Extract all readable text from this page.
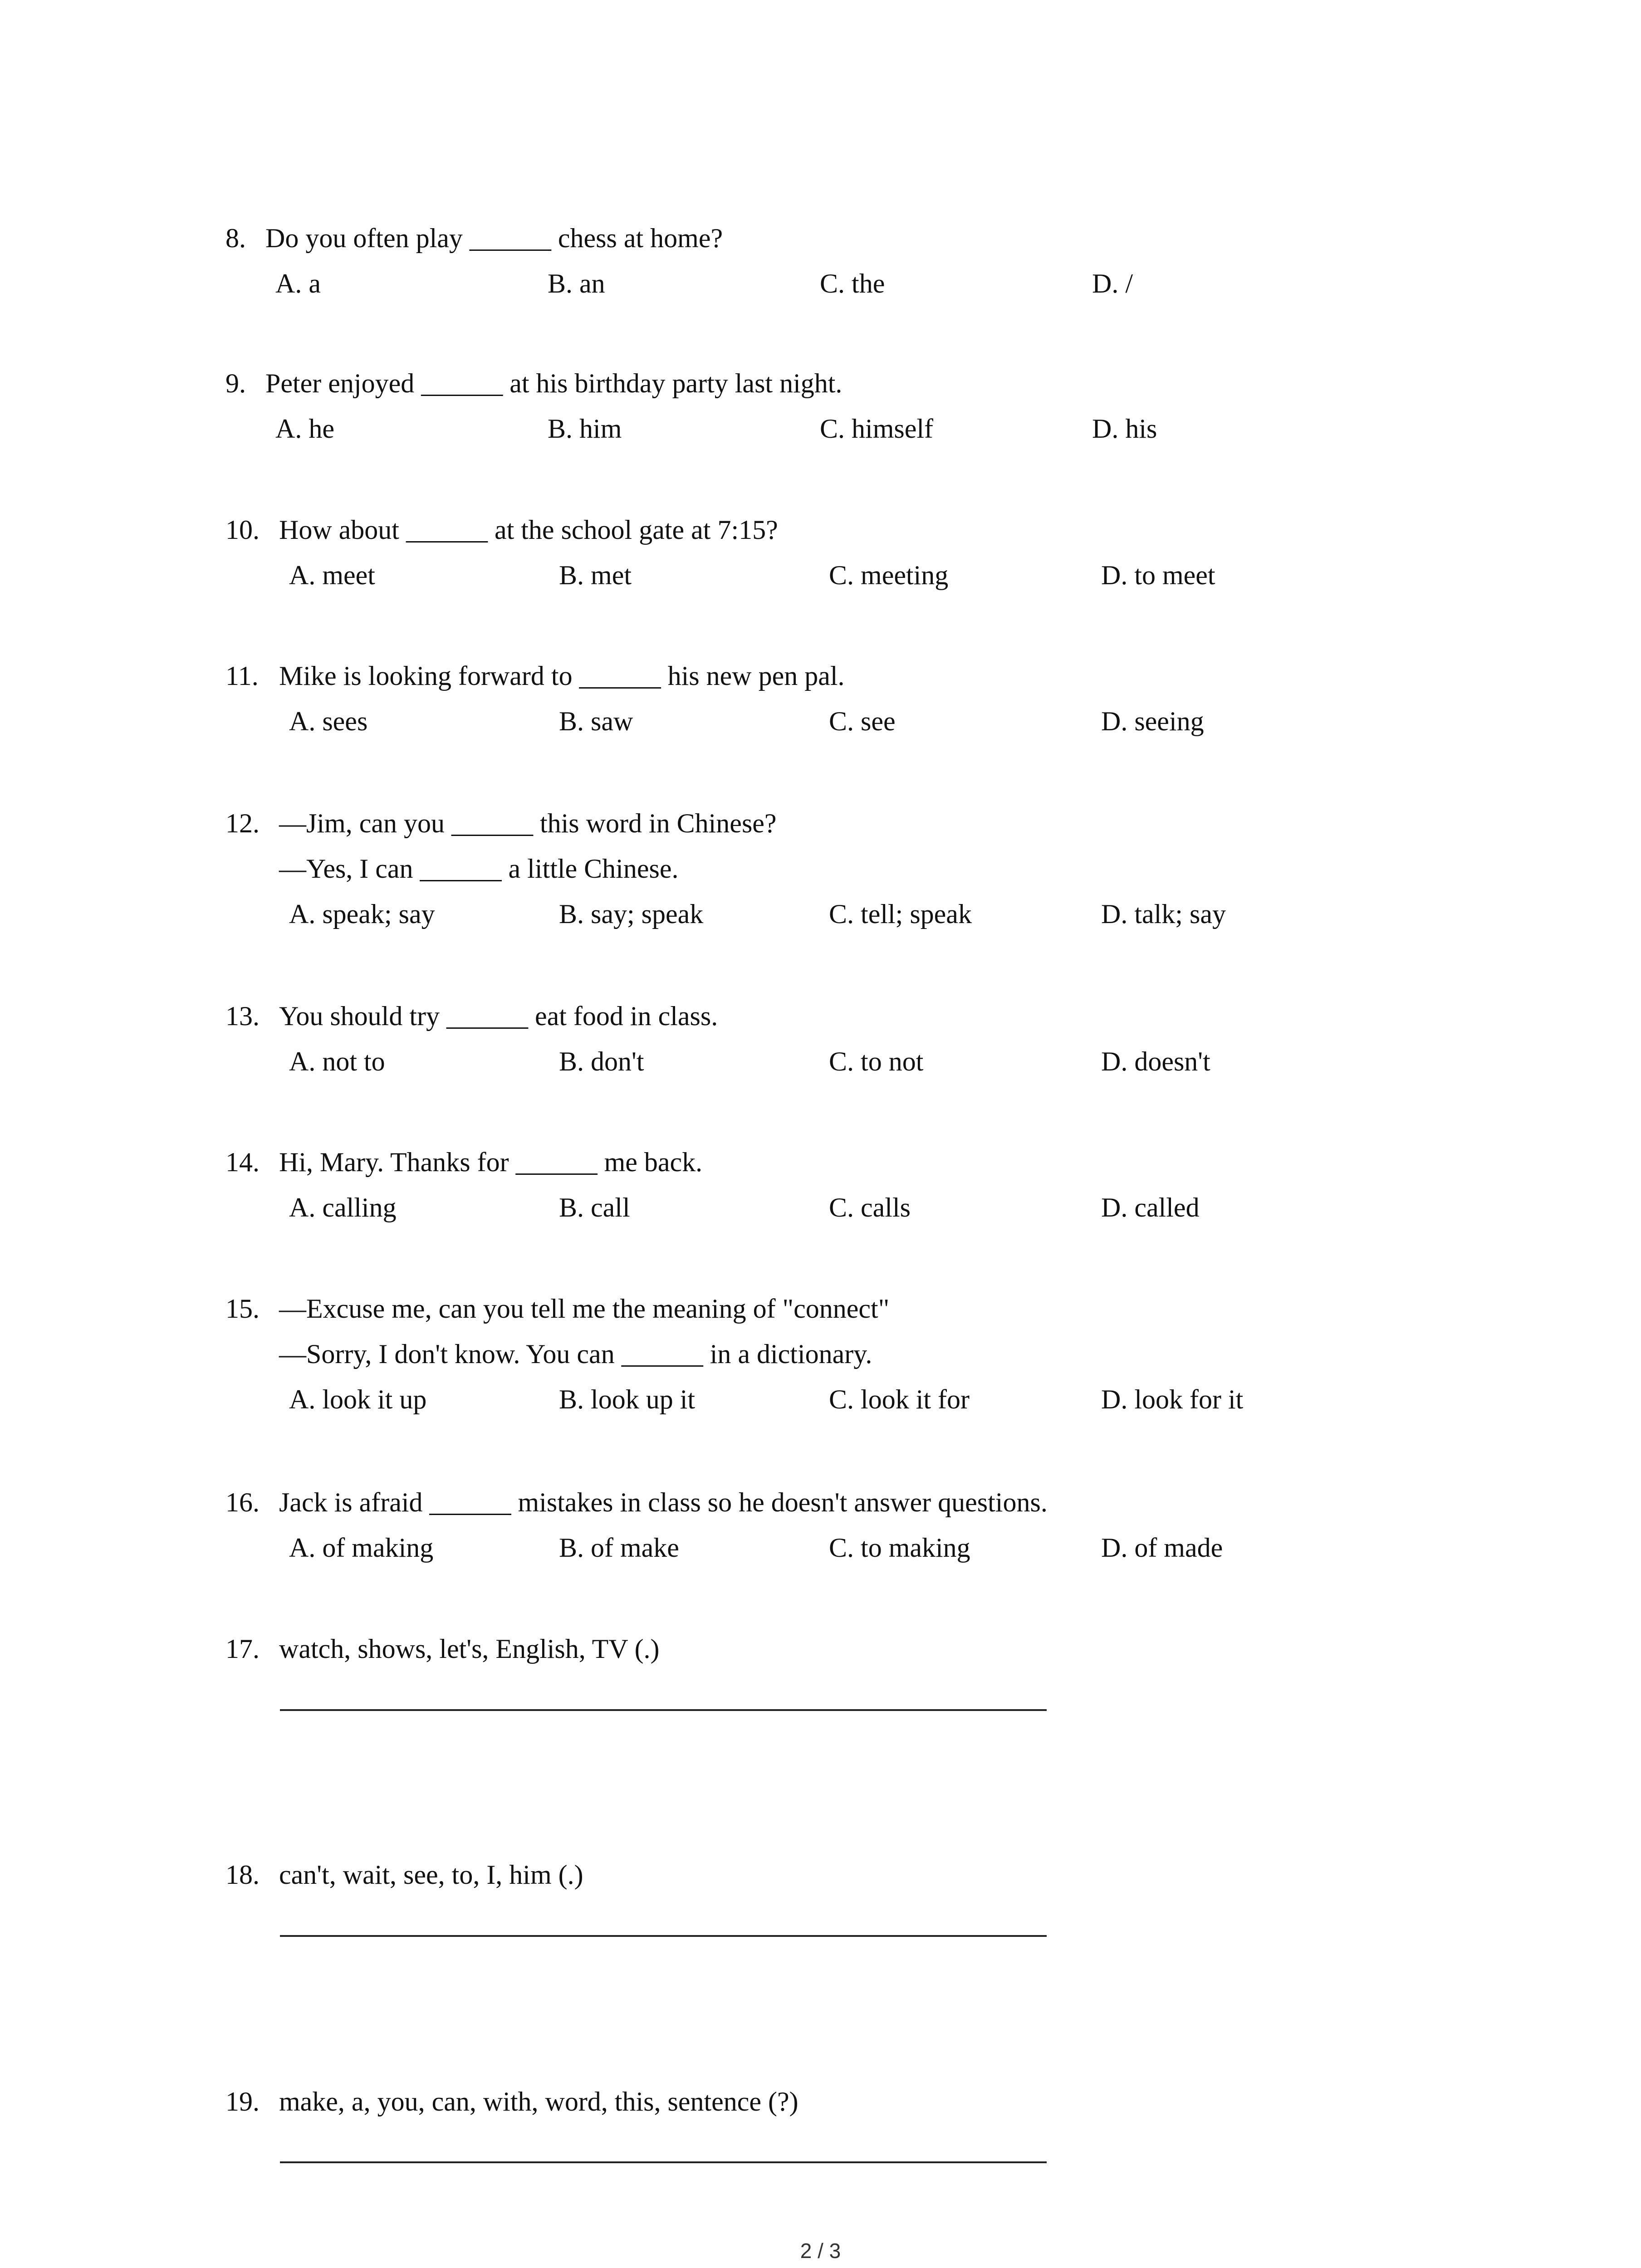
8. Do you often play ______ chess at home?
A. a	B. an	C. the	D. /
9. Peter enjoyed ______ at his birthday party last night.
A. he	B. him	C. himself	D. his
10. How about ______ at the school gate at 7:15?
A. meet	B. met	C. meeting	D. to meet
11. Mike is looking forward to ______ his new pen pal.
A. sees	B. saw	C. see	D. seeing
12. —Jim, can you ______ this word in Chinese?
—Yes, I can ______ a little Chinese.
A. speak; say	B. say; speak	C. tell; speak	D. talk; say
13. You should try ______ eat food in class.
A. not to	B. don't	C. to not	D. doesn't
14. Hi, Mary. Thanks for ______ me back.
A. calling	B. call	C. calls	D. called
15. —Excuse me, can you tell me the meaning of "connect"
—Sorry, I don't know. You can ______ in a dictionary.
A. look it up	B. look up it	C. look it for	D. look for it
16. Jack is afraid ______ mistakes in class so he doesn't answer questions.
A. of making	B. of make	C. to making	D. of made
17. watch, shows, let's, English, TV (.)
18. can't, wait, see, to, I, him (.)
19. make, a, you, can, with, word, this, sentence (?)
2 / 3
